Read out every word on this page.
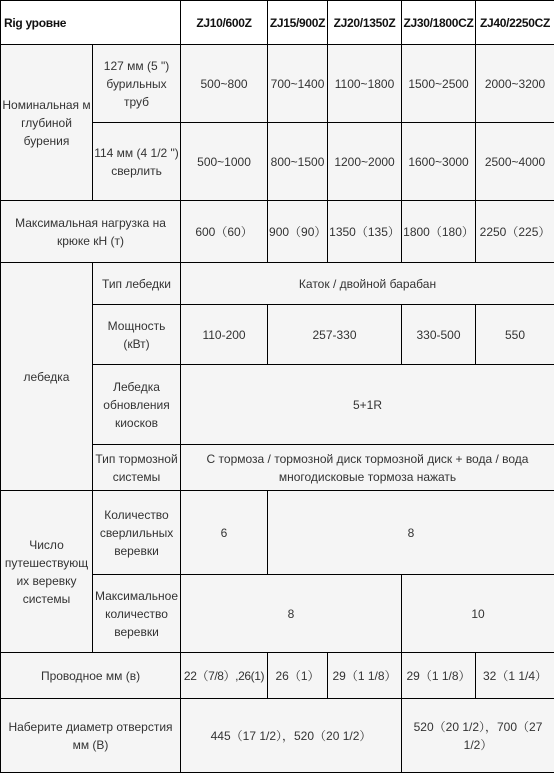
Rig уровне		ZJ10/600Z	ZJ15/900Z	ZJ20/1350Z	ZJ30/1800CZ	ZJ40/2250CZ	
Номинальная м глубиной бурения	127 мм (5 ") бурильных труб	500~800	700~1400	1100~1800	1500~2500	2000~3200	
	114 мм (4 1/2 ") сверлить	500~1000	800~1500	1200~2000	1600~3000	2500~4000	
Максимальная нагрузка на крюке кН (т)		600（60）	900（90）	1350（135）	1800（180）	2250（225）	
лебедка	Тип лебедки	Каток / двойной барабан					
	Мощность (кВт)	110-200	257-330		330-500	550	
	Лебедка обновления киосков	5+1R					
	Тип тормозной системы	С тормоза / тормозной диск тормозной диск + вода / вода многодисковые тормоза нажать					
Число путешествующих веревку системы	Количество сверлильных веревки	6	8				
	Максимальное количество веревки	8			10		
Проводное мм (в)		22（7/8）,26(1)	26（1）	29（1 1/8）	29（1 1/8）	32（1 1/4）	
Наберите диаметр отверстия мм (В)		445（17 1/2），520（20 1/2）			520（20 1/2），700（27 1/2）		
